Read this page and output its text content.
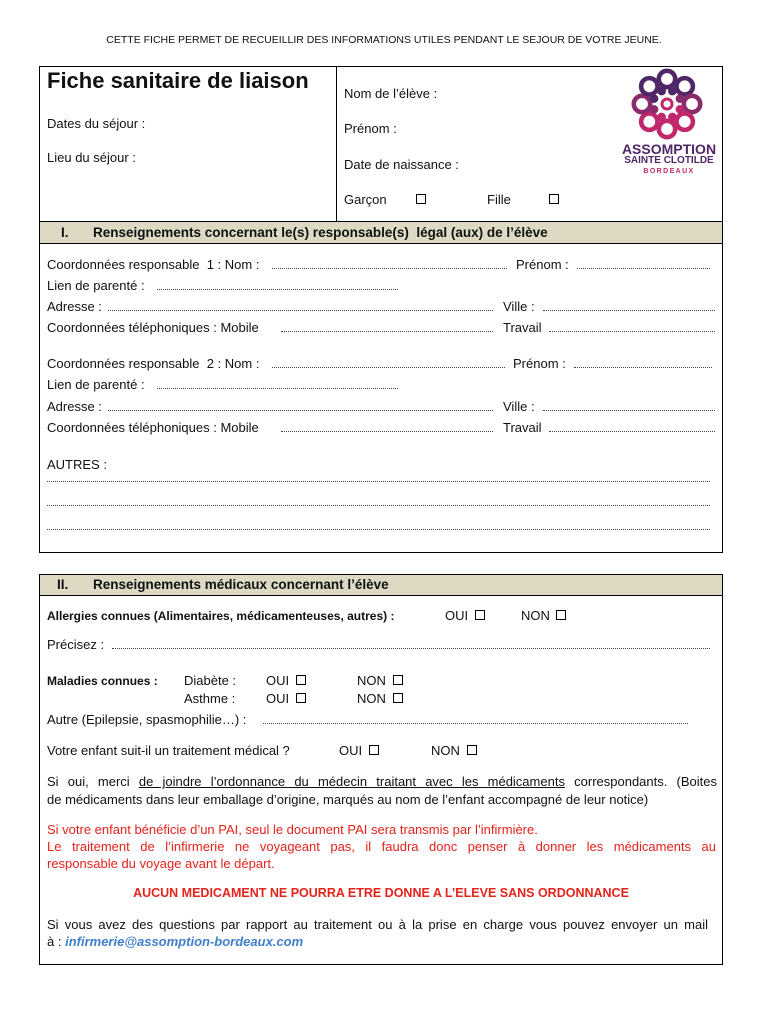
CETTE FICHE PERMET DE RECUEILLIR DES INFORMATIONS UTILES PENDANT LE SEJOUR DE VOTRE JEUNE.
Fiche sanitaire de liaison
Dates du séjour :
Lieu du séjour :
Nom de l’élève :
Prénom :
Date de naissance :
Garçon	Fille
ASSOMPTION
SAINTE CLOTILDE
BORDEAUX
I. Renseignements concernant le(s) responsable(s)  légal (aux) de l’élève
Coordonnées responsable  1 : Nom :	Prénom :
Lien de parenté :
Adresse :	Ville :
Coordonnées téléphoniques : Mobile	Travail
Coordonnées responsable  2 : Nom :	Prénom :
Lien de parenté :
Adresse :	Ville :
Coordonnées téléphoniques : Mobile	Travail
AUTRES :
II. Renseignements médicaux concernant l’élève
Allergies connues (Alimentaires, médicamenteuses, autres) :	OUI	NON
Précisez :
Maladies connues : Diabète : OUI	NON
Asthme : OUI	NON
Autre (Epilepsie, spasmophilie…) :
Votre enfant suit-il un traitement médical ?	OUI	NON
Si oui, merci de joindre l’ordonnance du médecin traitant avec les médicaments correspondants. (Boites
de médicaments dans leur emballage d’origine, marqués au nom de l’enfant accompagné de leur notice)
Si votre enfant bénéficie d’un PAI, seul le document PAI sera transmis par l’infirmière.
Le traitement de l’infirmerie ne voyageant pas, il faudra donc penser à donner les médicaments au
responsable du voyage avant le départ.
AUCUN MEDICAMENT NE POURRA ETRE DONNE A L’ELEVE SANS ORDONNANCE
Si vous avez des questions par rapport au traitement ou à la prise en charge vous pouvez envoyer un mail
à : infirmerie@assomption-bordeaux.com
